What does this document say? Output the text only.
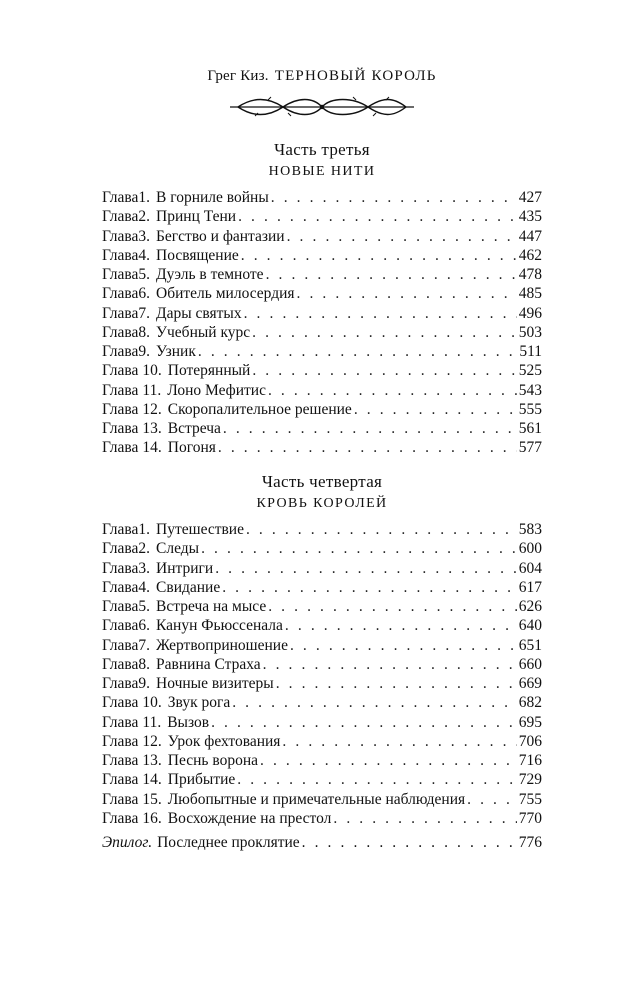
Грег Киз. ТЕРНОВЫЙ КОРОЛЬ
Часть третья
НОВЫЕ НИТИ
Глава 1. В горниле войны . . .	427
Глава 2. Принц Тени . . .	435
Глава 3. Бегство и фантазии . . .	447
Глава 4. Посвящение . . .	462
Глава 5. Дуэль в темноте . . .	478
Глава 6. Обитель милосердия . . .	485
Глава 7. Дары святых . . .	496
Глава 8. Учебный курс . . .	503
Глава 9. Узник . . .	511
Глава 10. Потерянный . . .	525
Глава 11. Лоно Мефитис . . .	543
Глава 12. Скоропалительное решение . . .	555
Глава 13. Встреча . . .	561
Глава 14. Погоня . . .	577
Часть четвертая
КРОВЬ КОРОЛЕЙ
Глава 1. Путешествие . . .	583
Глава 2. Следы . . .	600
Глава 3. Интриги . . .	604
Глава 4. Свидание . . .	617
Глава 5. Встреча на мысе . . .	626
Глава 6. Канун Фьюссенала . . .	640
Глава 7. Жертвоприношение . . .	651
Глава 8. Равнина Страха . . .	660
Глава 9. Ночные визитеры . . .	669
Глава 10. Звук рога . . .	682
Глава 11. Вызов . . .	695
Глава 12. Урок фехтования . . .	706
Глава 13. Песнь ворона . . .	716
Глава 14. Прибытие . . .	729
Глава 15. Любопытные и примечательные наблюдения . . .	755
Глава 16. Восхождение на престол . . .	770
Эпилог. Последнее проклятие . . .	776
